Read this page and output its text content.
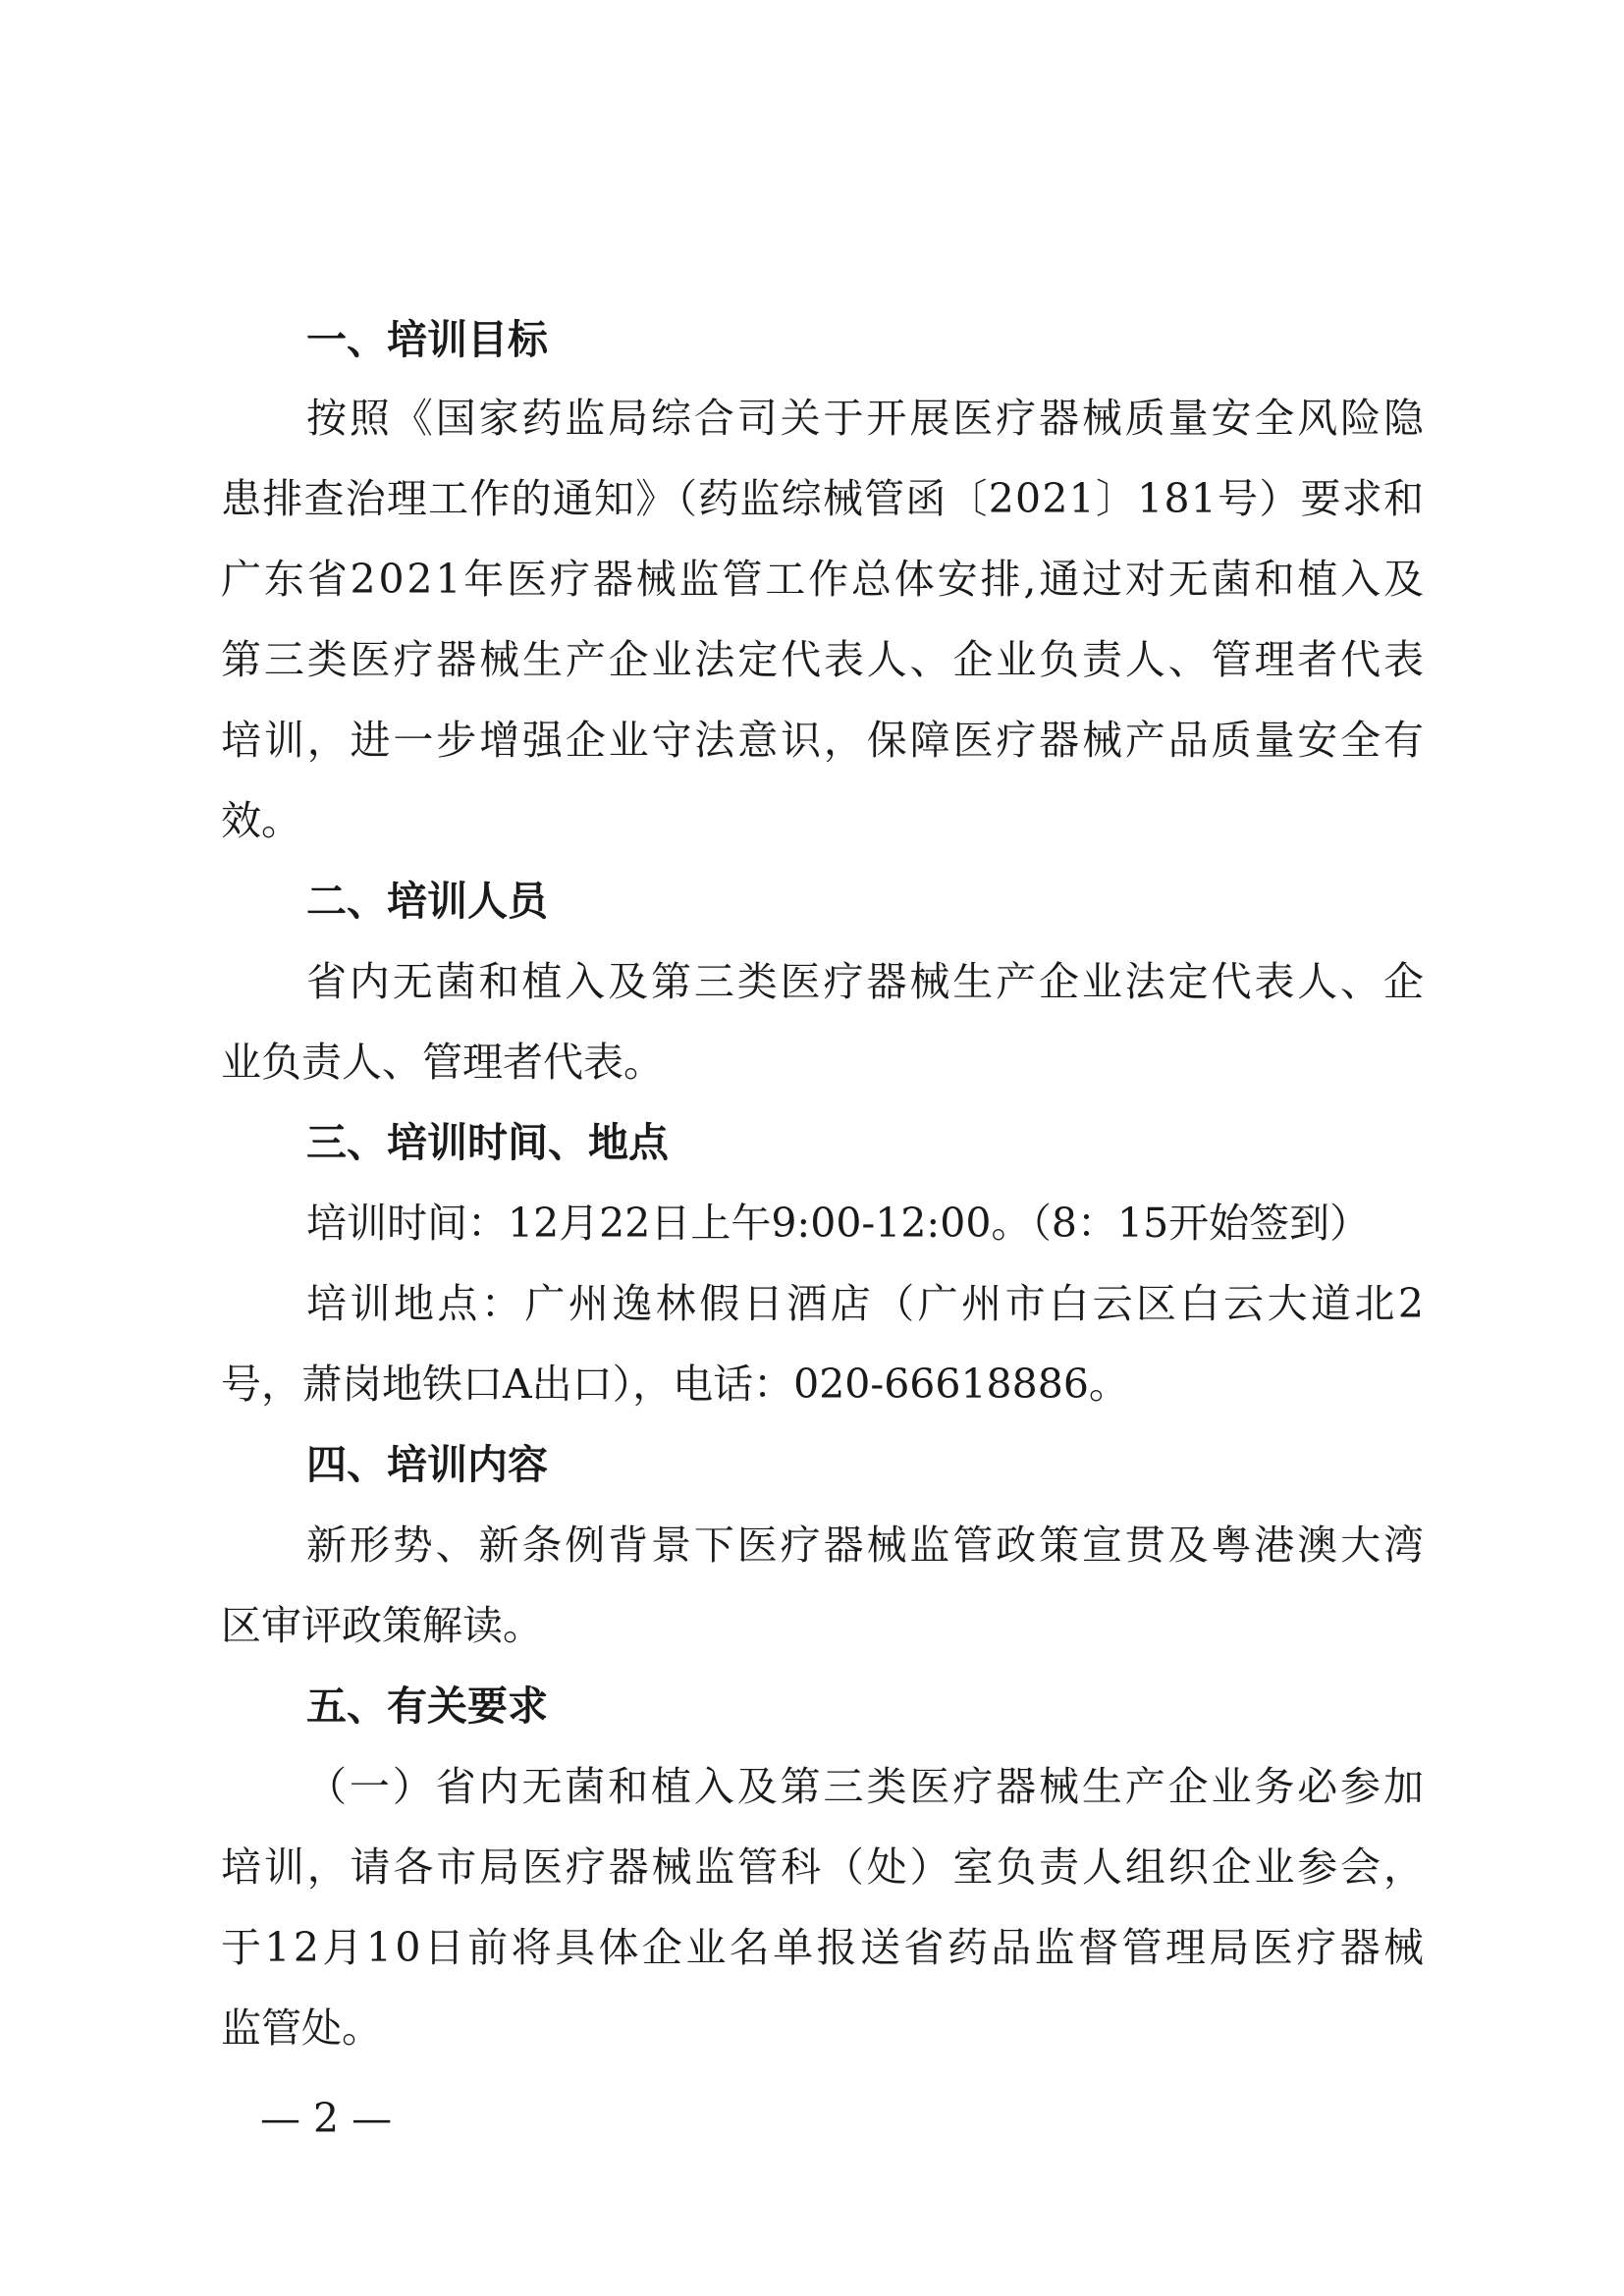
一、培训目标
按照《国家药监局综合司关于开展医疗器械质量安全风险隐
患排查治理工作的通知》（药监综械管函〔2021〕181号）要求和
广东省2021年医疗器械监管工作总体安排,通过对无菌和植入及
第三类医疗器械生产企业法定代表人、企业负责人、管理者代表
培训，进一步增强企业守法意识，保障医疗器械产品质量安全有
效。
二、培训人员
省内无菌和植入及第三类医疗器械生产企业法定代表人、企
业负责人、管理者代表。
三、培训时间、地点
培训时间：12月22日上午9:00-12:00。（8：15开始签到）
培训地点：广州逸林假日酒店（广州市白云区白云大道北2
号，萧岗地铁口A出口），电话：020-66618886。
四、培训内容
新形势、新条例背景下医疗器械监管政策宣贯及粤港澳大湾
区审评政策解读。
五、有关要求
（一）省内无菌和植入及第三类医疗器械生产企业务必参加
培训，请各市局医疗器械监管科（处）室负责人组织企业参会，
于12月10日前将具体企业名单报送省药品监督管理局医疗器械
监管处。
— 2 —
